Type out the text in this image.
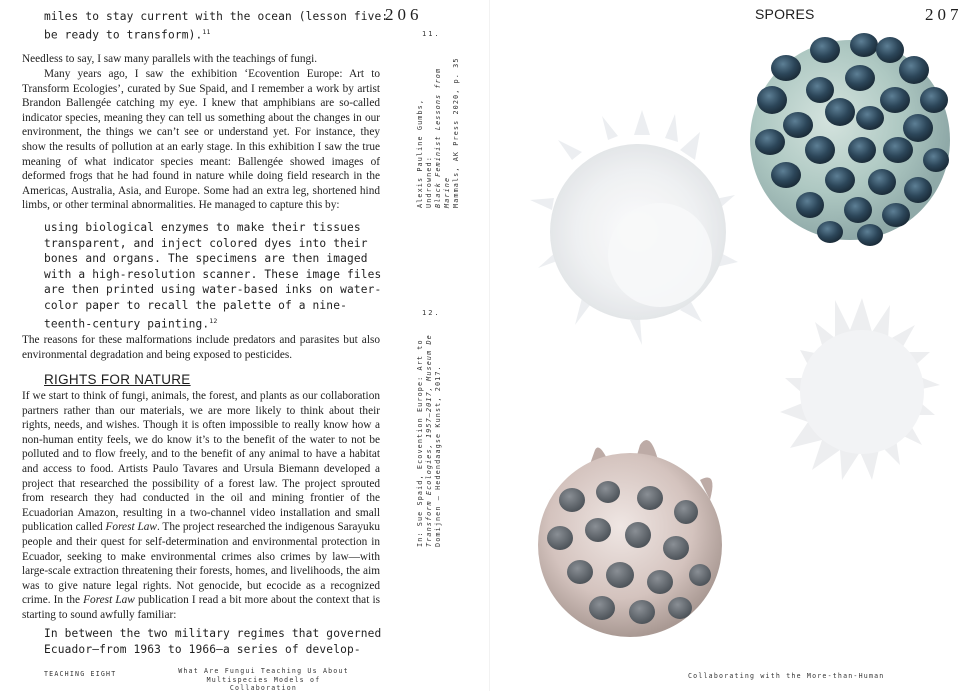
miles to stay current with the ocean (lesson five:
be ready to transform).$^{11}$
206
Needless to say, I saw many parallels with the teachings of fungi.
Many years ago, I saw the exhibition ‘Ecovention Europe: Art to Transform Ecologies’, curated by Sue Spaid, and I remember a work by artist Brandon Ballengée catching my eye. I knew that amphibians are so-called indicator species, meaning they can tell us something about the changes in our environment, the things we can’t see or understand yet. For instance, they show the results of pollution at an early stage. In this exhibition I saw the true meaning of what indicator species meant: Ballengée showed images of deformed frogs that he had found in nature while doing field research in the Americas, Australia, Asia, and Europe. Some had an extra leg, shortened hind limbs, or other terminal abnormalities. He managed to capture this by:
using biological enzymes to make their tissues
transparent, and inject colored dyes into their
bones and organs. The specimens are then imaged
with a high-resolution scanner. These image files
are then printed using water-based inks on water-
color paper to recall the palette of a nine-
teenth-century painting.$^{12}$
The reasons for these malformations include predators and parasites but also environmental degradation and being exposed to pesticides.
RIGHTS FOR NATURE
If we start to think of fungi, animals, the forest, and plants as our collaboration partners rather than our materials, we are more likely to think about their rights, needs, and wishes. Though it is often impossible to really know how a non-human entity feels, we do know it’s to the benefit of the water to not be polluted and to flow freely, and to the benefit of any animal to have a habitat and access to food. Artists Paulo Tavares and Ursula Biemann developed a project that researched the possibility of a forest law. The project sprouted from research they had conducted in the oil and mining frontier of the Ecuadorian Amazon, resulting in a two-channel video installation and small publication called Forest Law. The project researched the indigenous Sarayuku people and their quest for self-determination and environmental protection in Ecuador, seeking to make environmental crimes also crimes by law—with large-scale extraction threatening their forests, homes, and livelihoods, the aim was to give nature legal rights. Not genocide, but ecocide as a recognized crime. In the Forest Law publication I read a bit more about the context that is starting to sound awfully familiar:
In between the two military regimes that governed
Ecuador—from 1963 to 1966—a series of develop-
11.
Alexis Pauline Gumbs, Undrowned:
Black Feminist Lessons from Marine
Mammals, AK Press 2020, p. 35
12.
In: Sue Spaid, Ecovention Europe: Art to
Transform Ecologies, 1957–2017, Museum De
Domijnen – Hedendaagse Kunst, 2017.
TEACHING EIGHT	What Are Fungui Teaching Us About
Multispecies Models of Collaboration
SPORES	207
Collaborating with the More-than-Human
